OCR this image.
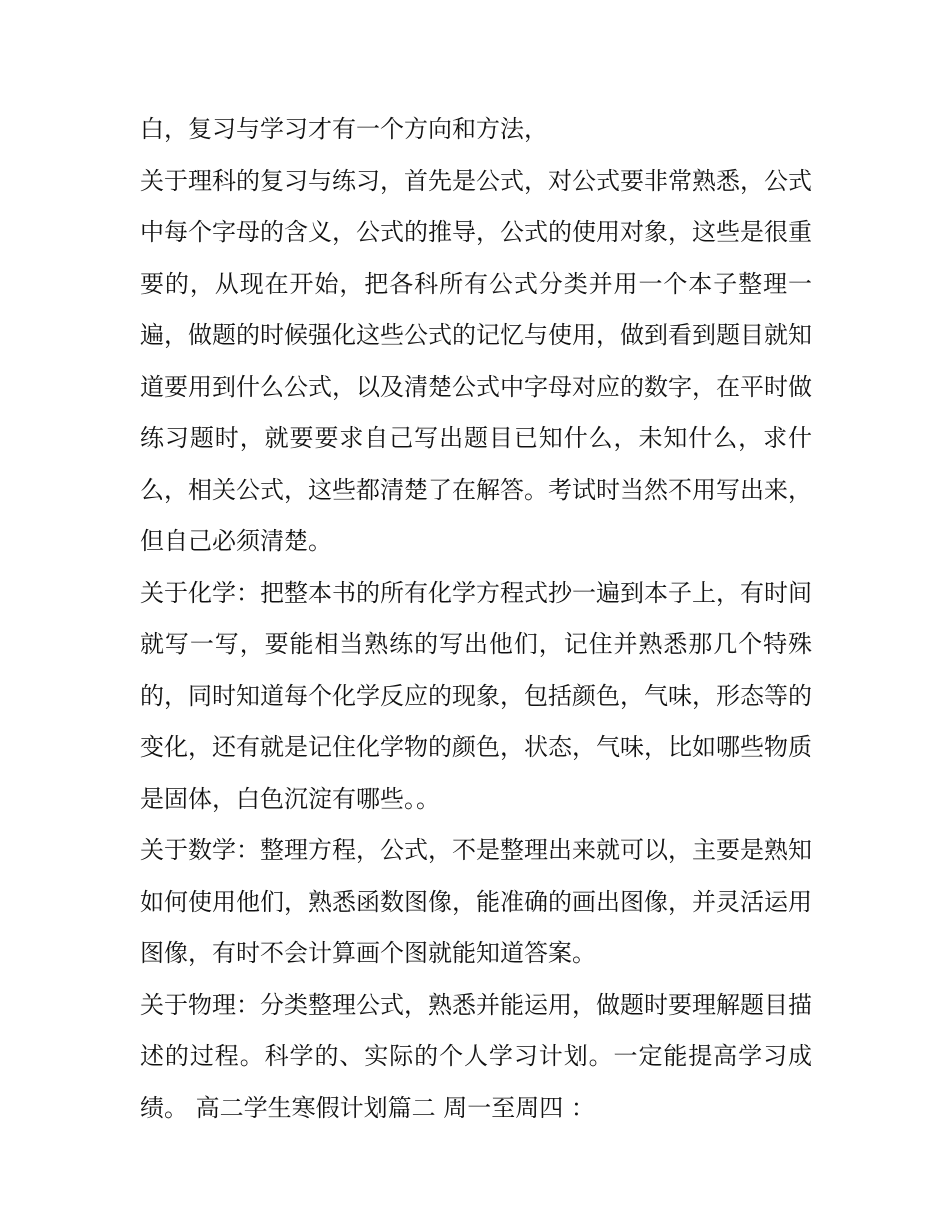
白，复习与学习才有一个方向和方法，

关于理科的复习与练习，首先是公式，对公式要非常熟悉，公式中每个字母的含义，公式的推导，公式的使用对象，这些是很重要的，从现在开始，把各科所有公式分类并用一个本子整理一遍，做题的时候强化这些公式的记忆与使用，做到看到题目就知道要用到什么公式，以及清楚公式中字母对应的数字，在平时做练习题时，就要要求自己写出题目已知什么，未知什么，求什么，相关公式，这些都清楚了在解答。考试时当然不用写出来，但自己必须清楚。

关于化学：把整本书的所有化学方程式抄一遍到本子上，有时间就写一写，要能相当熟练的写出他们，记住并熟悉那几个特殊的，同时知道每个化学反应的现象，包括颜色，气味，形态等的变化，还有就是记住化学物的颜色，状态，气味，比如哪些物质是固体，白色沉淀有哪些。。

关于数学：整理方程，公式，不是整理出来就可以，主要是熟知如何使用他们，熟悉函数图像，能准确的画出图像，并灵活运用图像，有时不会计算画个图就能知道答案。

关于物理：分类整理公式，熟悉并能运用，做题时要理解题目描述的过程。科学的、实际的个人学习计划。一定能提高学习成绩。 高二学生寒假计划篇二 周一至周四 ：
